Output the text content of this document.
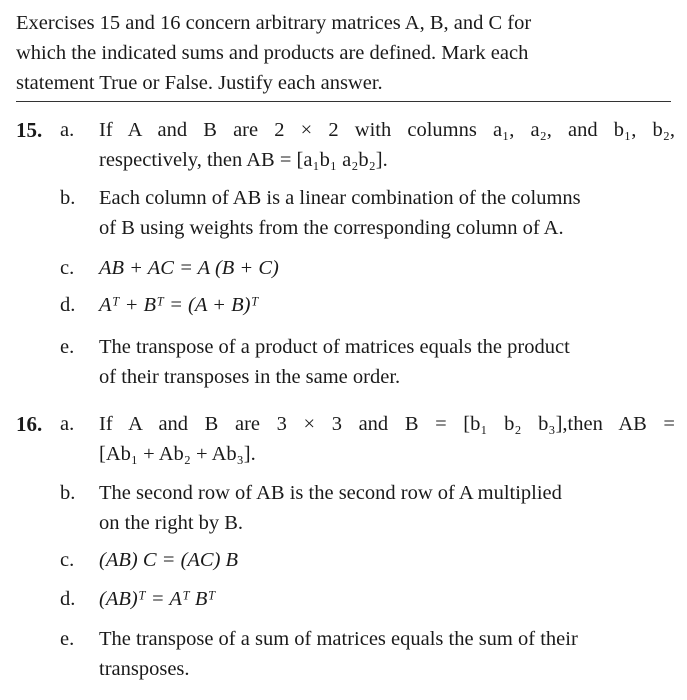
Exercises 15 and 16 concern arbitrary matrices A, B, and C for
which the indicated sums and products are defined. Mark each
statement True or False. Justify each answer.
15. a.	If A and B are 2 × 2 with columns a₁, a₂, and b₁, b₂,
respectively, then AB = [a₁b₁ a₂b₂].
b.	Each column of AB is a linear combination of the columns
of B using weights from the corresponding column of A.
c.	AB + AC = A (B + C)
d.	Aᵀ + Bᵀ = (A + B)ᵀ
e.	The transpose of a product of matrices equals the product
of their transposes in the same order.
16. a.	If A and B are 3 × 3 and B = [b₁ b₂ b₃],then AB =
[Ab₁ + Ab₂ + Ab₃].
b.	The second row of AB is the second row of A multiplied
on the right by B.
c.	(AB) C = (AC) B
d.	(AB)ᵀ = Aᵀ Bᵀ
e.	The transpose of a sum of matrices equals the sum of their
transposes.
